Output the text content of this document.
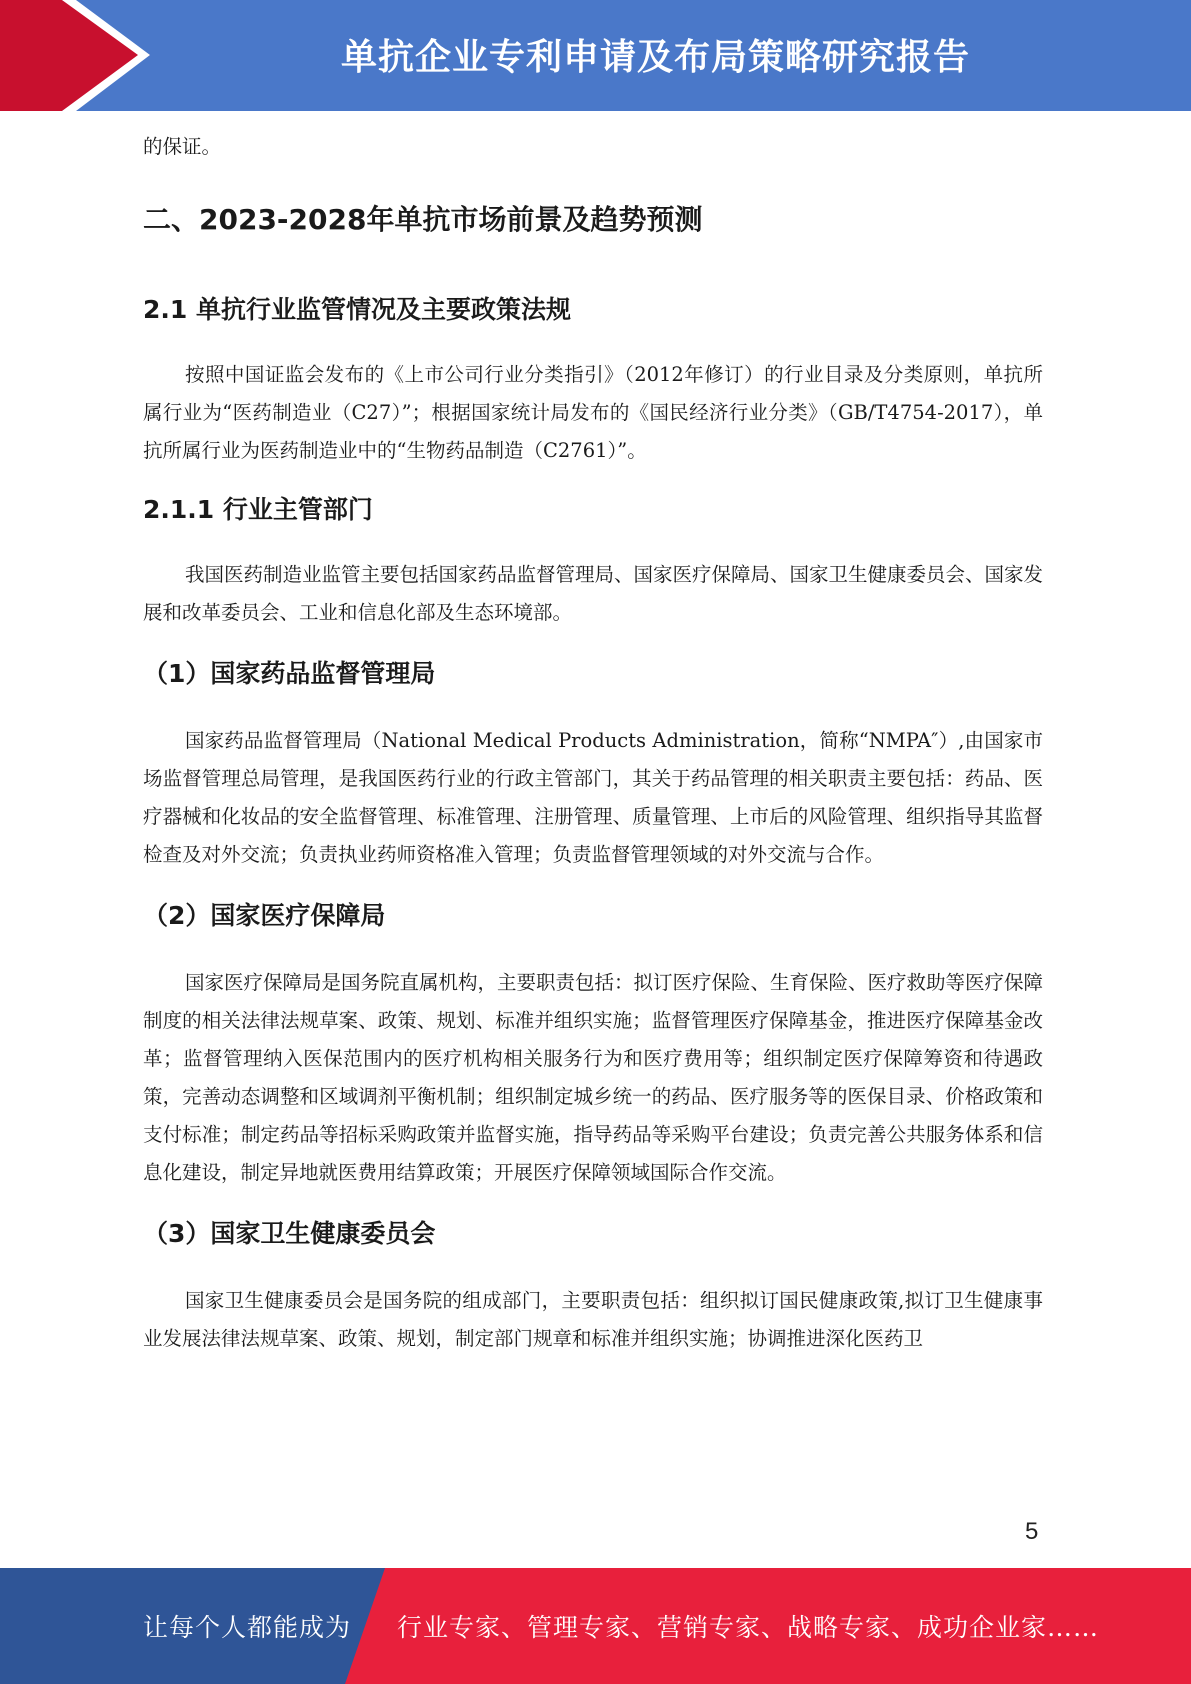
单抗企业专利申请及布局策略研究报告

的保证。

二、2023-2028年单抗市场前景及趋势预测
2.1 单抗行业监管情况及主要政策法规

按照中国证监会发布的《上市公司行业分类指引》（2012年修订）的行业目录及分类原则，单抗所属行业为“医药制造业（C27）”；根据国家统计局发布的《国民经济行业分类》（GB/T4754-2017），单抗所属行业为医药制造业中的“生物药品制造（C2761）”。

2.1.1 行业主管部门

我国医药制造业监管主要包括国家药品监督管理局、国家医疗保障局、国家卫生健康委员会、国家发展和改革委员会、工业和信息化部及生态环境部。

（1）国家药品监督管理局

国家药品监督管理局（National Medical Products Administration，简称“NMPA″）,由国家市场监督管理总局管理，是我国医药行业的行政主管部门，其关于药品管理的相关职责主要包括：药品、医疗器械和化妆品的安全监督管理、标准管理、注册管理、质量管理、上市后的风险管理、组织指导其监督检查及对外交流；负责执业药师资格准入管理；负责监督管理领域的对外交流与合作。

（2）国家医疗保障局

国家医疗保障局是国务院直属机构，主要职责包括：拟订医疗保险、生育保险、医疗救助等医疗保障制度的相关法律法规草案、政策、规划、标准并组织实施；监督管理医疗保障基金，推进医疗保障基金改革；监督管理纳入医保范围内的医疗机构相关服务行为和医疗费用等；组织制定医疗保障筹资和待遇政策，完善动态调整和区域调剂平衡机制；组织制定城乡统一的药品、医疗服务等的医保目录、价格政策和支付标准；制定药品等招标采购政策并监督实施，指导药品等采购平台建设；负责完善公共服务体系和信息化建设，制定异地就医费用结算政策；开展医疗保障领域国际合作交流。

（3）国家卫生健康委员会

国家卫生健康委员会是国务院的组成部门，主要职责包括：组织拟订国民健康政策,拟订卫生健康事业发展法律法规草案、政策、规划，制定部门规章和标准并组织实施；协调推进深化医药卫

5
让每个人都能成为 行业专家、管理专家、营销专家、战略专家、成功企业家……
